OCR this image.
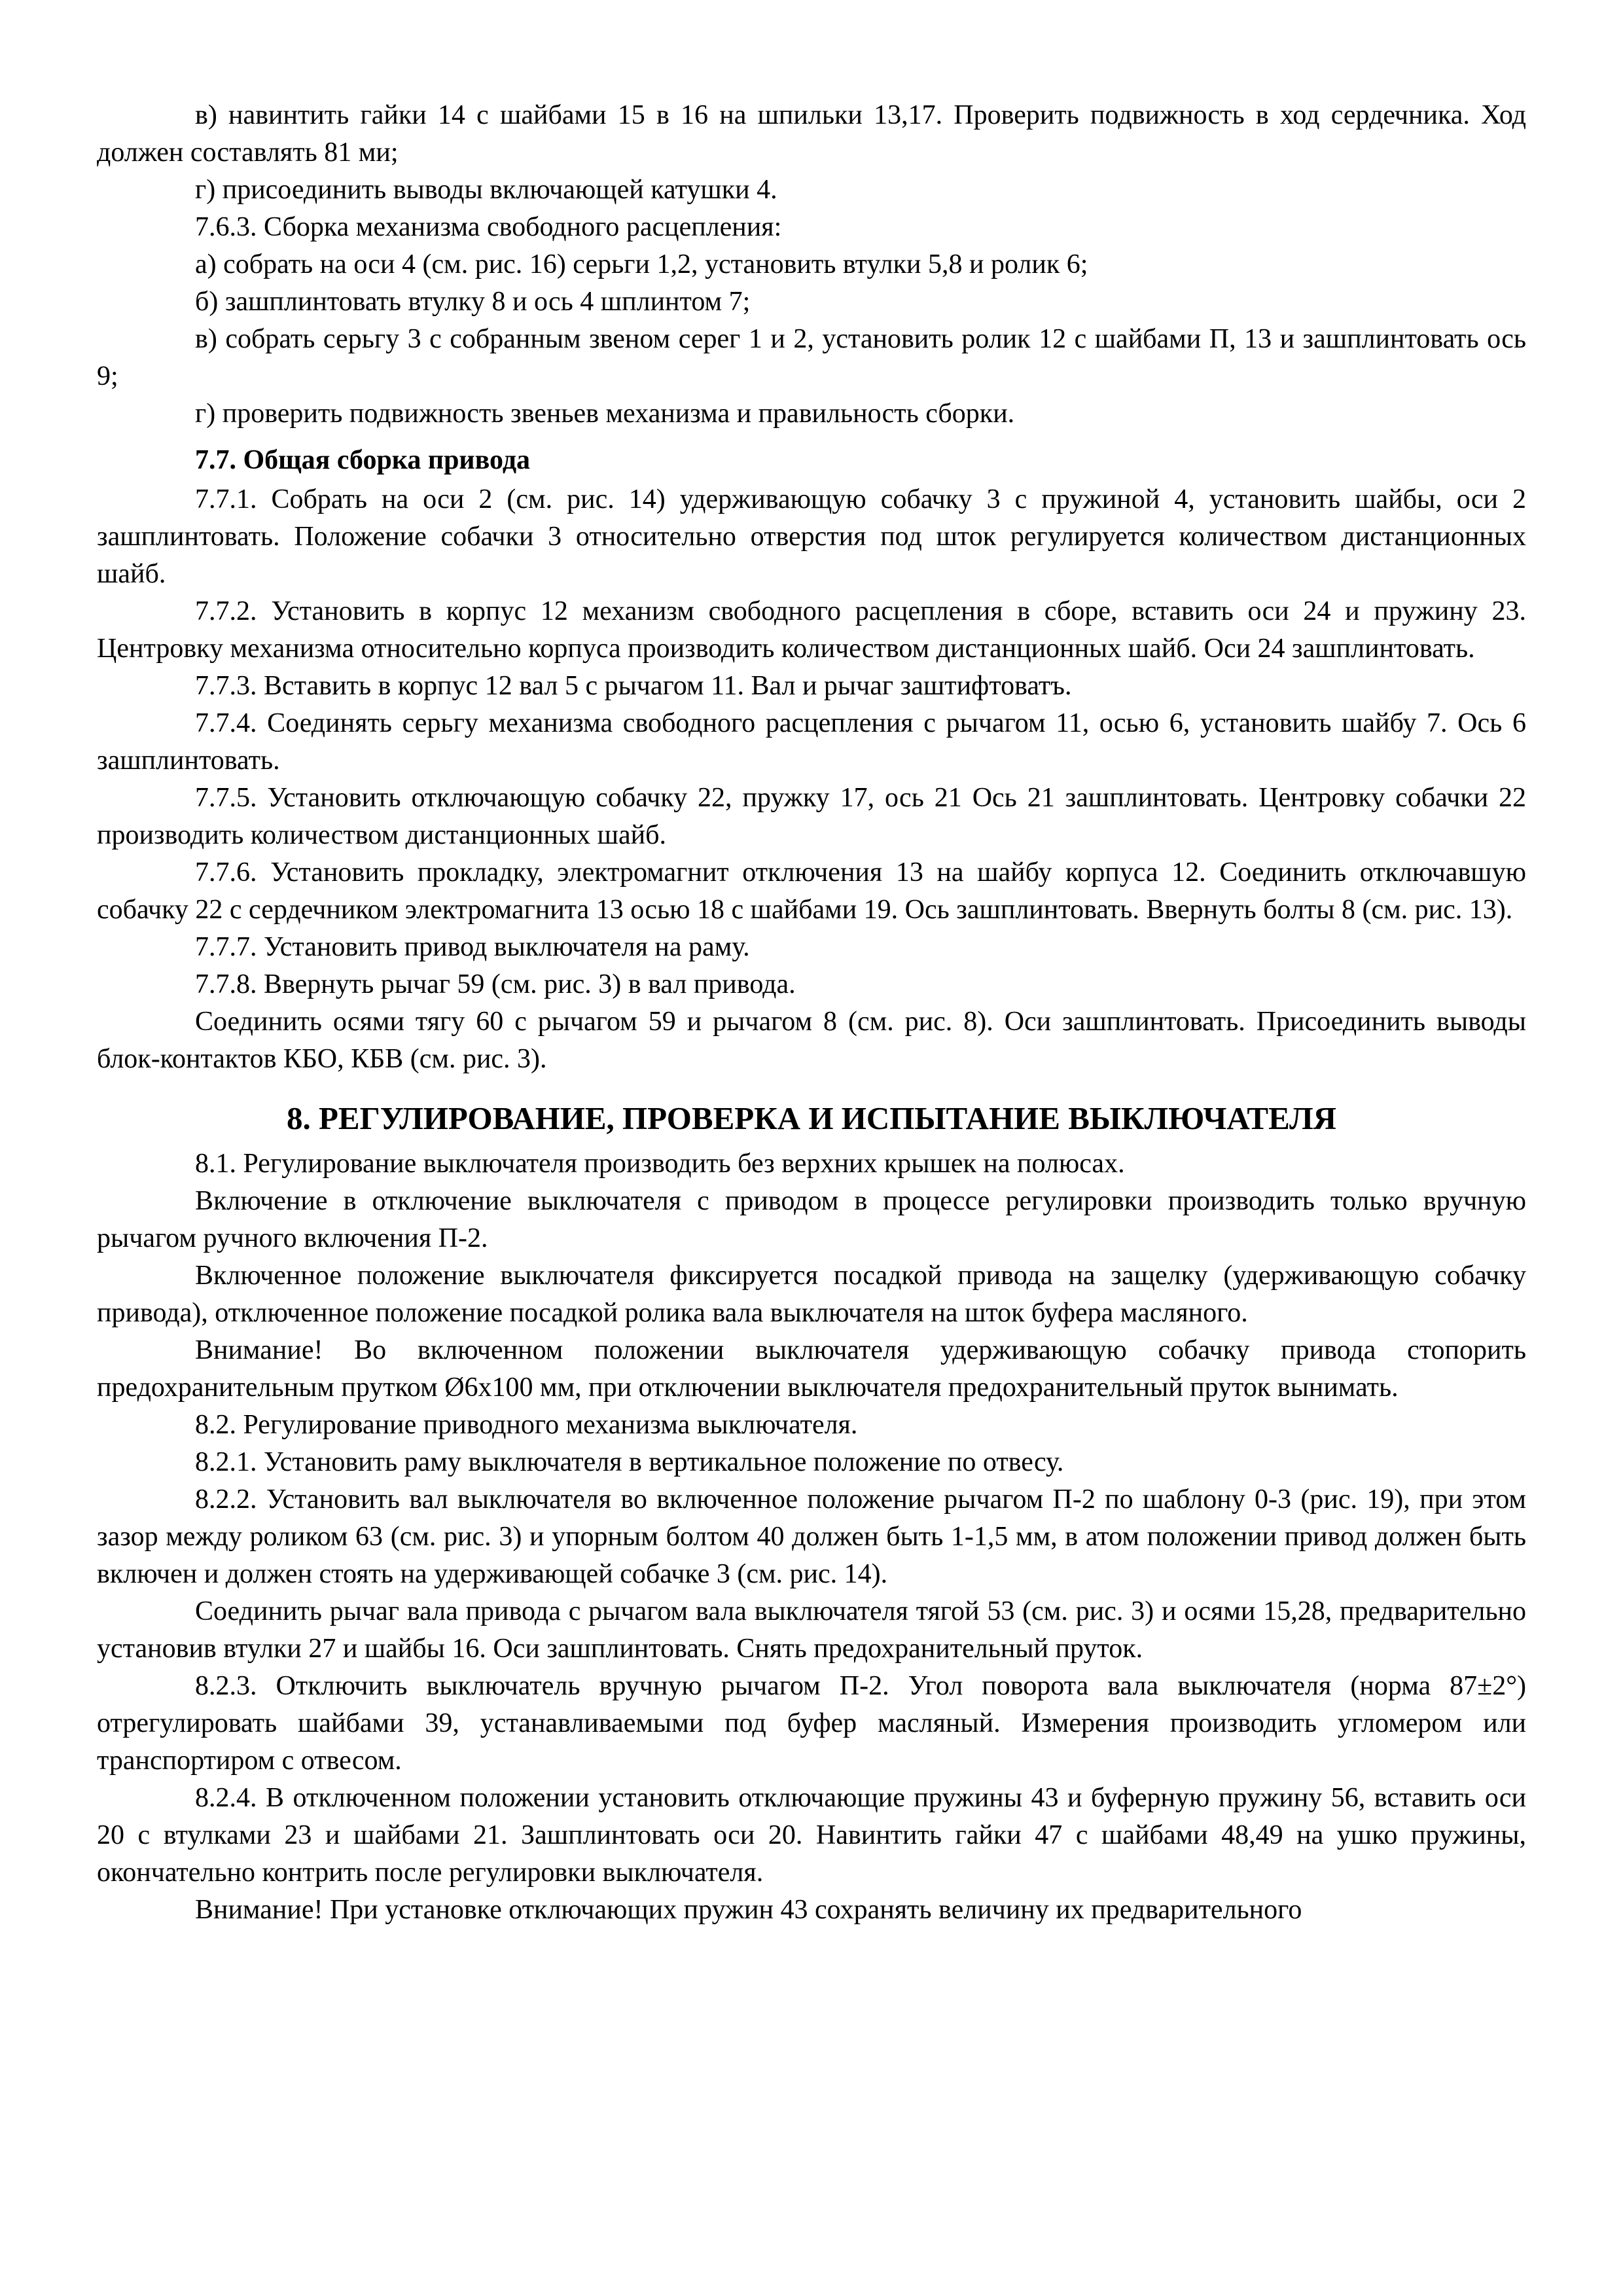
в) навинтить гайки 14 с шайбами 15 в 16 на шпильки 13,17. Проверить подвижность в ход сердечника. Ход должен составлять 81 ми;

г) присоединить выводы включающей катушки 4.

7.6.3. Сборка механизма свободного расцепления:

а) собрать на оси 4 (см. рис. 16) серьги 1,2, установить втулки 5,8 и ролик 6;

б) зашплинтовать втулку 8 и ось 4 шплинтом 7;

в) собрать серьгу 3 с собранным звеном серег 1 и 2, установить ролик 12 с шайбами П, 13 и зашплинтовать ось 9;

г) проверить подвижность звеньев механизма и правильность сборки.

7.7. Общая сборка привода

7.7.1. Собрать на оси 2 (см. рис. 14) удерживающую собачку 3 с пружиной 4, установить шайбы, оси 2 зашплинтовать. Положение собачки 3 относительно отверстия под шток регулируется количеством дистанционных шайб.

7.7.2. Установить в корпус 12 механизм свободного расцепления в сборе, вставить оси 24 и пружину 23. Центровку механизма относительно корпуса производить количеством дистанционных шайб. Оси 24 зашплинтовать.

7.7.3. Вставить в корпус 12 вал 5 с рычагом 11. Вал и рычаг заштифтоватъ.

7.7.4. Соединять серьгу механизма свободного расцепления с рычагом 11, осью 6, установить шайбу 7. Ось 6 зашплинтовать.

7.7.5. Установить отключающую собачку 22, пружку 17, ось 21 Ось 21 зашплинтовать. Центровку собачки 22 производить количеством дистанционных шайб.

7.7.6. Установить прокладку, электромагнит отключения 13 на шайбу корпуса 12. Соединить отключавшую собачку 22 с сердечником электромагнита 13 осью 18 с шайбами 19. Ось зашплинтовать. Ввернуть болты 8 (см. рис. 13).

7.7.7. Установить привод выключателя на раму.

7.7.8. Ввернуть рычаг 59 (см. рис. 3) в вал привода.

Соединить осями тягу 60 с рычагом 59 и рычагом 8 (см. рис. 8). Оси зашплинтовать. Присоединить выводы блок-контактов КБО, КБВ (см. рис. 3).

8. РЕГУЛИРОВАНИЕ, ПРОВЕРКА И ИСПЫТАНИЕ ВЫКЛЮЧАТЕЛЯ

8.1. Регулирование выключателя производить без верхних крышек на полюсах.

Включение в отключение выключателя с приводом в процессе регулировки производить только вручную рычагом ручного включения П-2.

Включенное положение выключателя фиксируется посадкой привода на защелку (удерживающую собачку привода), отключенное положение посадкой ролика вала выключателя на шток буфера масляного.

Внимание! Во включенном положении выключателя удерживающую собачку привода стопорить предохранительным прутком Ø6x100 мм, при отключении выключателя предохранительный пруток вынимать.

8.2. Регулирование приводного механизма выключателя.

8.2.1. Установить раму выключателя в вертикальное положение по отвесу.

8.2.2. Установить вал выключателя во включенное положение рычагом П-2 по шаблону 0-3 (рис. 19), при этом зазор между роликом 63 (см. рис. 3) и упорным болтом 40 должен быть 1-1,5 мм, в атом положении привод должен быть включен и должен стоять на удерживающей собачке 3 (см. рис. 14).

Соединить рычаг вала привода с рычагом вала выключателя тягой 53 (см. рис. 3) и осями 15,28, предварительно установив втулки 27 и шайбы 16. Оси зашплинтовать. Снять предохранительный пруток.

8.2.3. Отключить выключатель вручную рычагом П-2. Угол поворота вала выключателя (норма 87±2°) отрегулировать шайбами 39, устанавливаемыми под буфер масляный. Измерения производить угломером или транспортиром с отвесом.

8.2.4. В отключенном положении установить отключающие пружины 43 и буферную пружину 56, вставить оси 20 с втулками 23 и шайбами 21. Зашплинтовать оси 20. Навинтить гайки 47 с шайбами 48,49 на ушко пружины, окончательно контрить после регулировки выключателя.

Внимание! При установке отключающих пружин 43 сохранять величину их предварительного
